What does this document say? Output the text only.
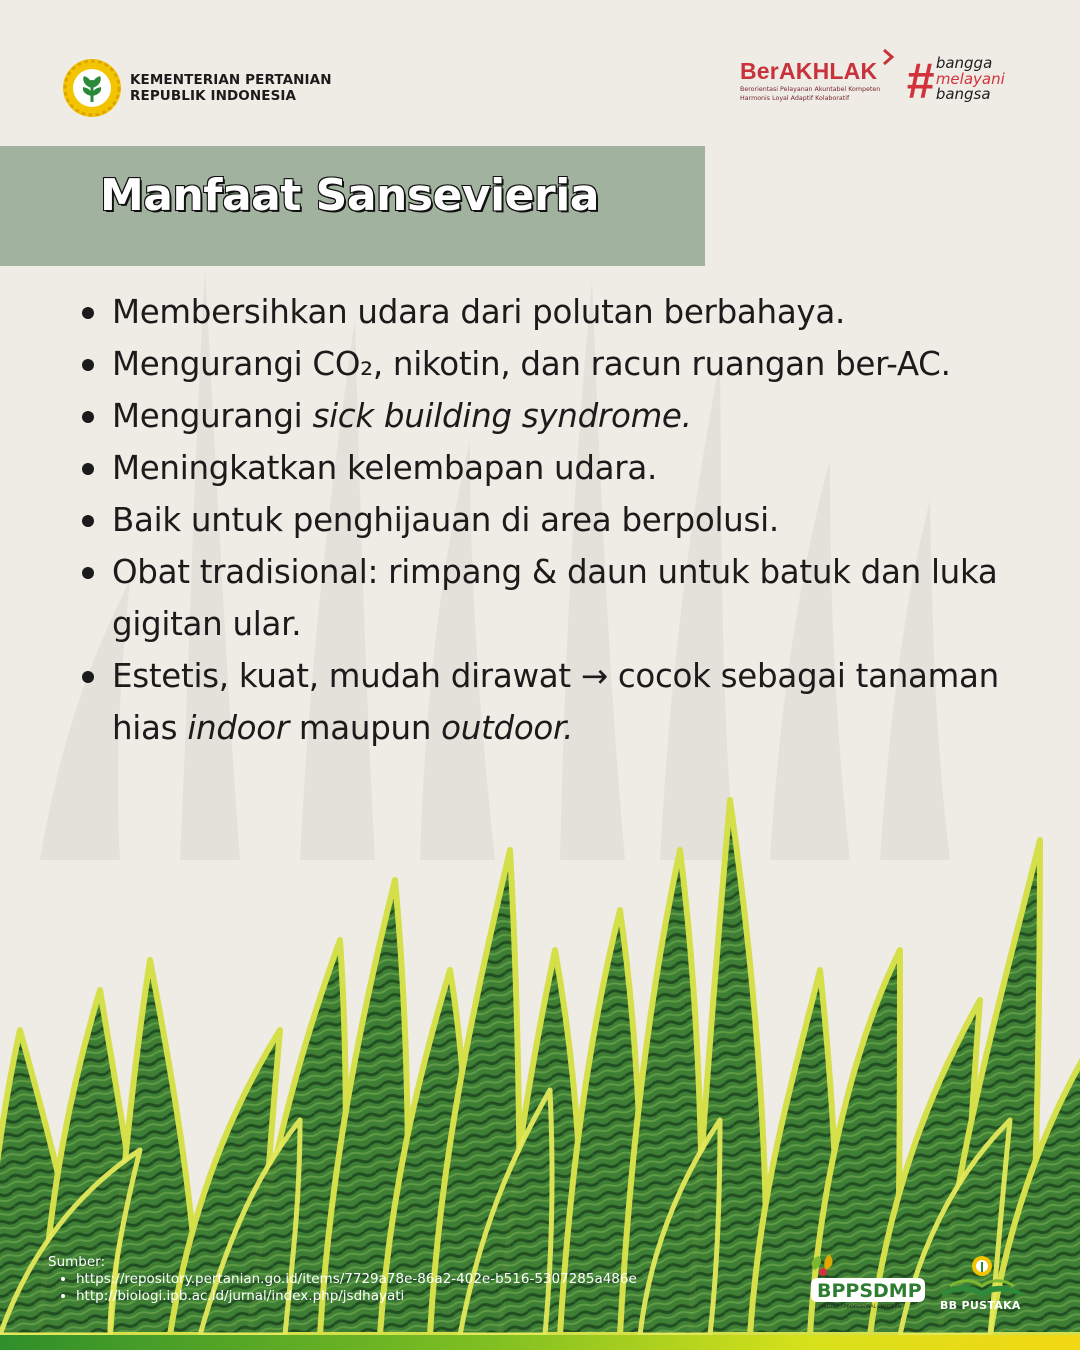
KEMENTERIAN PERTANIAN
REPUBLIK INDONESIA
BerAKHLAK
Berorientasi Pelayanan Akuntabel Kompeten
Harmonis Loyal Adaptif Kolaboratif	# bangga
melayani
bangsa
Manfaat Sansevieria
Membersihkan udara dari polutan berbahaya.
Mengurangi CO₂, nikotin, dan racun ruangan ber-AC.
Mengurangi sick building syndrome.
Meningkatkan kelembapan udara.
Baik untuk penghijauan di area berpolusi.
Obat tradisional: rimpang & daun untuk batuk dan luka gigitan ular.
Estetis, kuat, mudah dirawat → cocok sebagai tanaman hias indoor maupun outdoor.
Sumber:
• https://repository.pertanian.go.id/items/7729a78e-86a2-402e-b516-5307285a486e
• http://biologi.ipb.ac.id/jurnal/index.php/jsdhayati	BPPSDMP
INKLUSIF - PROFESIONAL - MODERN	BB PUSTAKA
